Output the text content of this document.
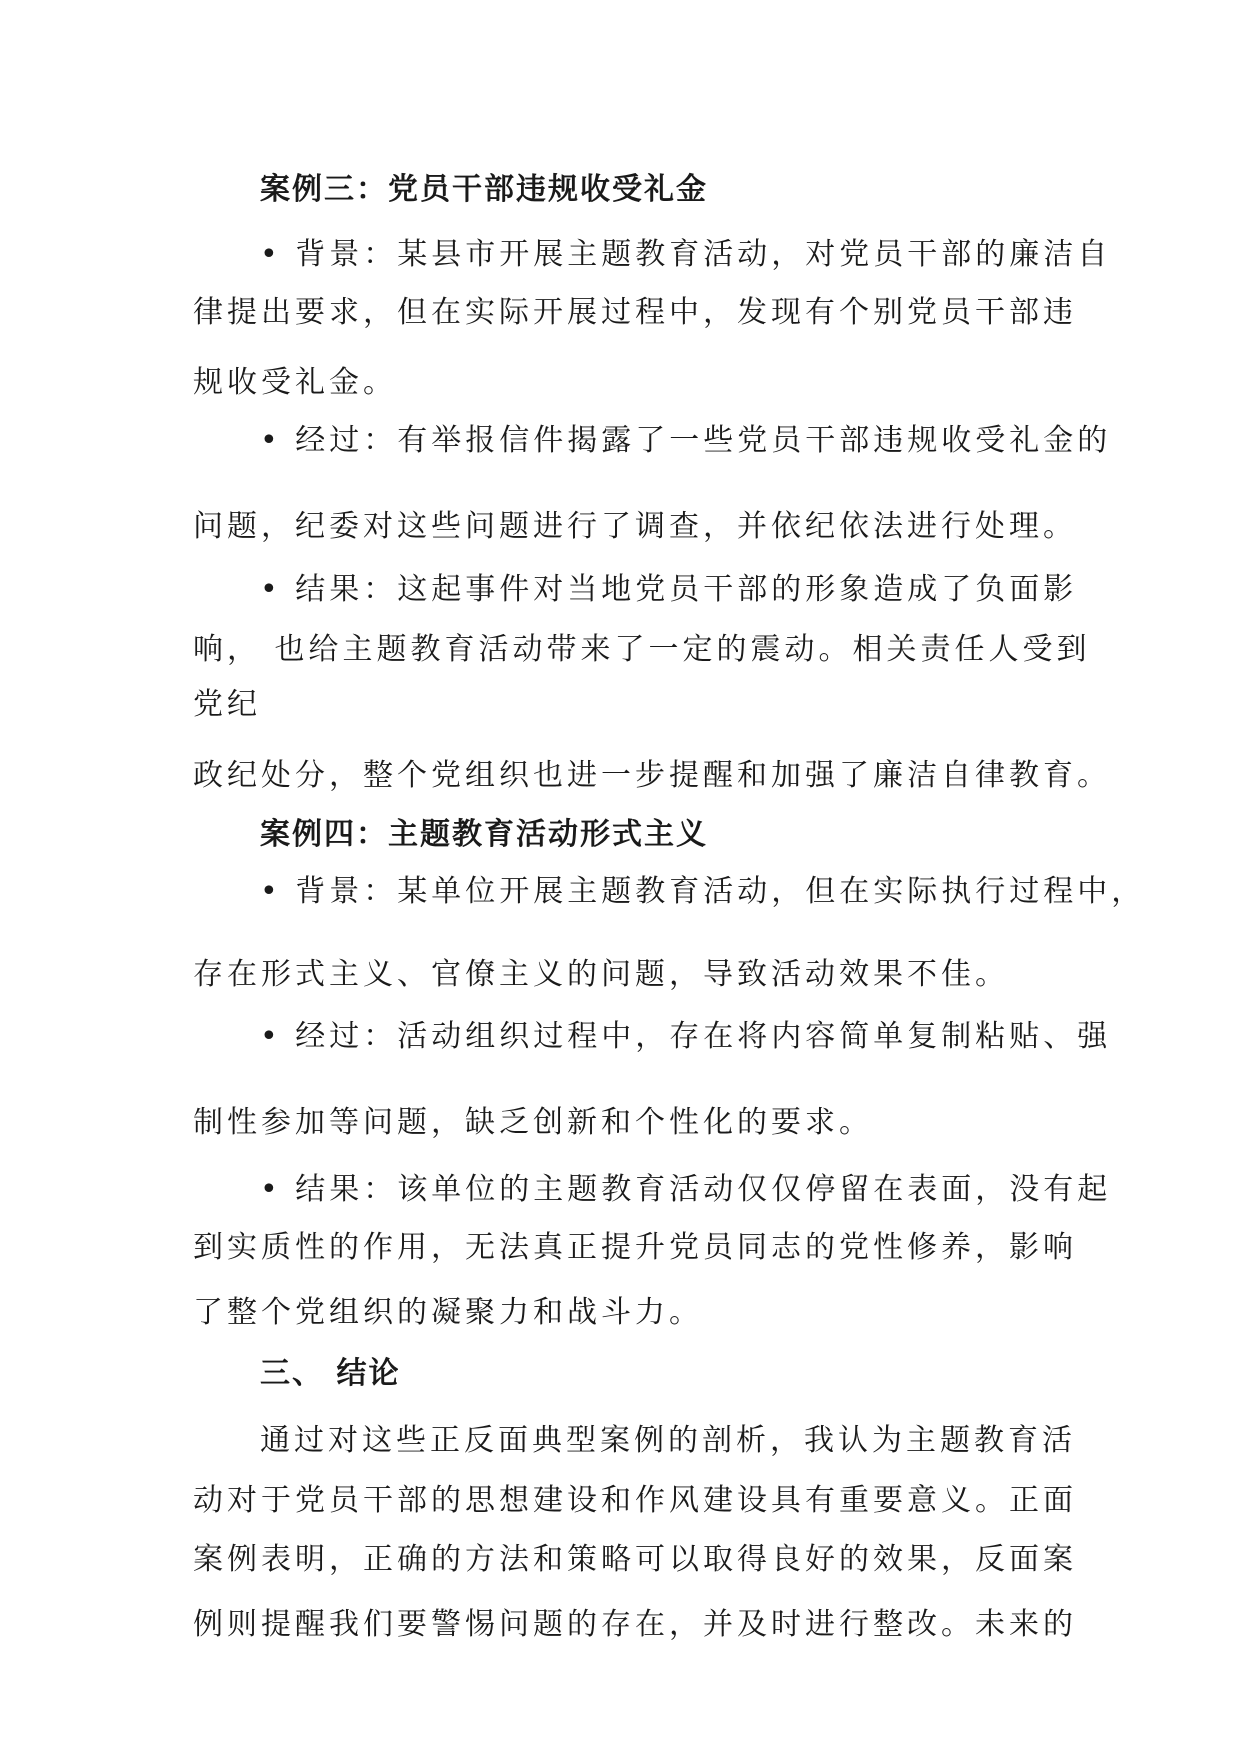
案例三：党员干部违规收受礼金

• 背景：某县市开展主题教育活动，对党员干部的廉洁自

律提出要求，但在实际开展过程中，发现有个别党员干部违

规收受礼金。

• 经过：有举报信件揭露了一些党员干部违规收受礼金的

问题，纪委对这些问题进行了调查，并依纪依法进行处理。

• 结果：这起事件对当地党员干部的形象造成了负面影

响， 也给主题教育活动带来了一定的震动。相关责任人受到

党纪

政纪处分，整个党组织也进一步提醒和加强了廉洁自律教育。

案例四：主题教育活动形式主义

• 背景：某单位开展主题教育活动，但在实际执行过程中，

存在形式主义、官僚主义的问题，导致活动效果不佳。

• 经过：活动组织过程中，存在将内容简单复制粘贴、强

制性参加等问题，缺乏创新和个性化的要求。

• 结果：该单位的主题教育活动仅仅停留在表面，没有起

到实质性的作用，无法真正提升党员同志的党性修养，影响

了整个党组织的凝聚力和战斗力。

三、 结论

通过对这些正反面典型案例的剖析，我认为主题教育活

动对于党员干部的思想建设和作风建设具有重要意义。正面

案例表明，正确的方法和策略可以取得良好的效果，反面案

例则提醒我们要警惕问题的存在，并及时进行整改。未来的
